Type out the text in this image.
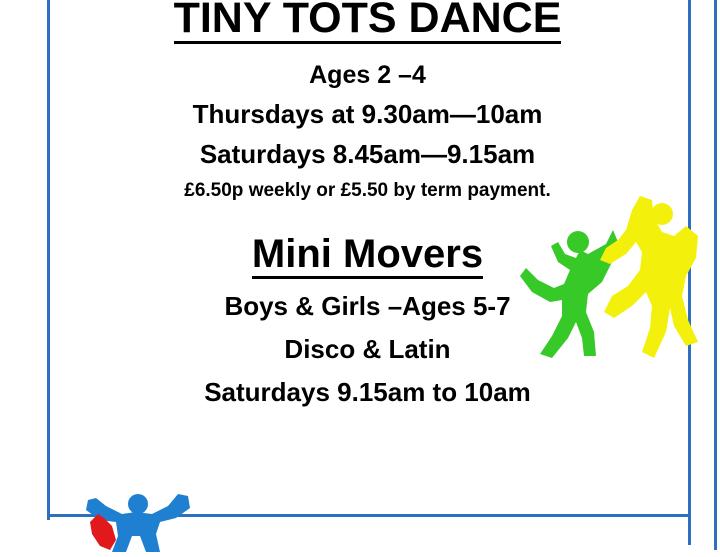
TINY TOTS DANCE
Ages 2 –4
Thursdays at 9.30am—10am
Saturdays 8.45am—9.15am
£6.50p weekly or £5.50 by term payment.
Mini Movers
Boys & Girls –Ages 5-7
Disco & Latin
Saturdays 9.15am to 10am
